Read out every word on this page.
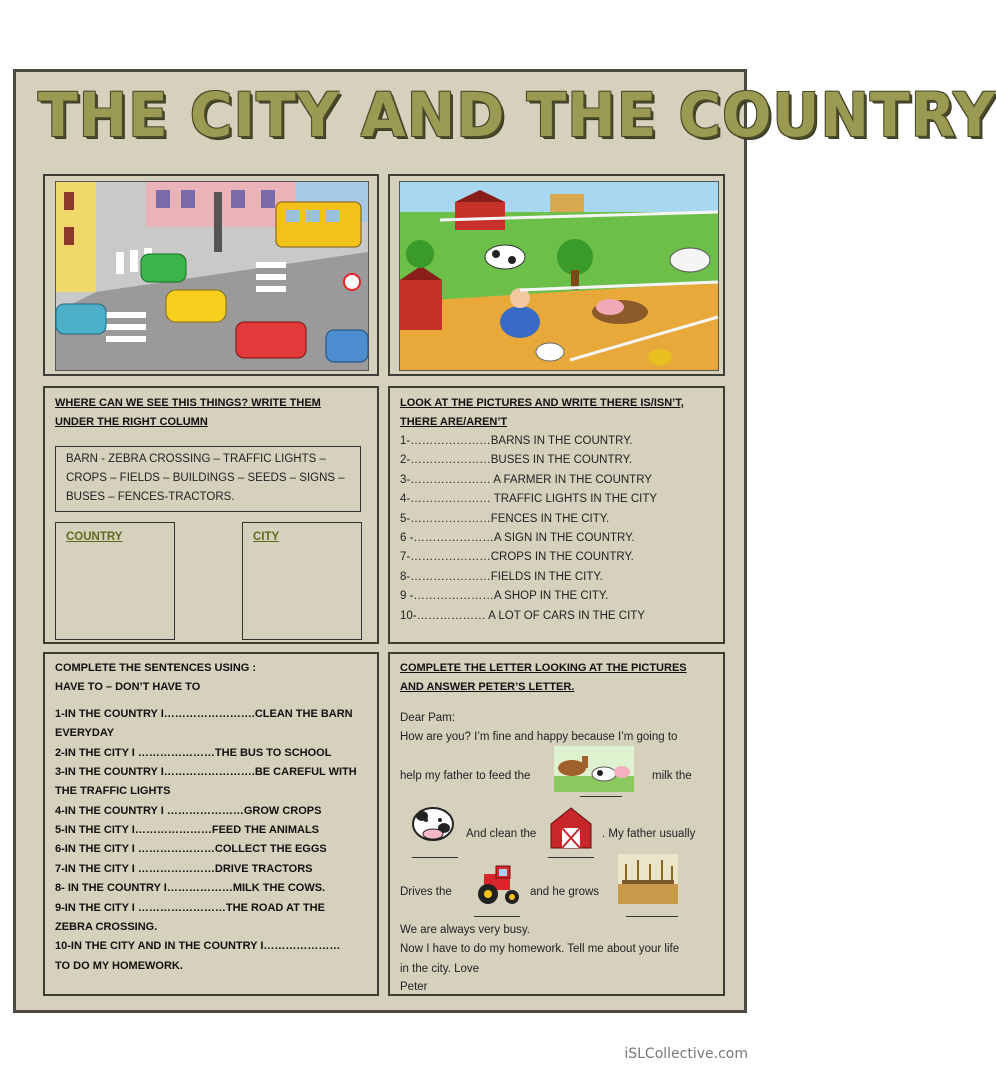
THE CITY AND THE COUNTRY
WHERE CAN WE SEE THIS THINGS? WRITE THEM
UNDER THE RIGHT COLUMN
BARN - ZEBRA CROSSING – TRAFFIC LIGHTS –
CROPS – FIELDS – BUILDINGS – SEEDS – SIGNS –
BUSES – FENCES-TRACTORS.
COUNTRY	CITY
LOOK AT THE PICTURES AND WRITE THERE IS/ISN’T,
THERE ARE/AREN’T
1-…………………BARNS IN THE COUNTRY.
2-…………………BUSES IN THE COUNTRY.
3-………………… A FARMER IN THE COUNTRY
4-………………… TRAFFIC LIGHTS IN THE CITY
5-…………………FENCES IN THE CITY.
6 -…………………A SIGN IN THE COUNTRY.
7-…………………CROPS IN THE COUNTRY.
8-…………………FIELDS IN THE CITY.
9 -…………………A SHOP IN THE CITY.
10-……………… A LOT OF CARS IN THE CITY
COMPLETE THE SENTENCES USING :
HAVE TO – DON’T HAVE TO
1-IN THE COUNTRY I…………………….CLEAN THE BARN
EVERYDAY
2-IN THE CITY I …………………THE BUS TO SCHOOL
3-IN THE COUNTRY I…………………….BE CAREFUL WITH
THE TRAFFIC LIGHTS
4-IN THE COUNTRY I …………………GROW CROPS
5-IN THE CITY I…………………FEED THE ANIMALS
6-IN THE CITY I …………………COLLECT THE EGGS
7-IN THE CITY I …………………DRIVE TRACTORS
8- IN THE COUNTRY I………………MILK THE COWS.
9-IN THE CITY I ……………………THE ROAD AT THE
ZEBRA CROSSING.
10-IN THE CITY AND IN THE COUNTRY I…………………
TO DO MY HOMEWORK.
COMPLETE THE LETTER LOOKING AT THE PICTURES
AND ANSWER PETER’S LETTER.
Dear Pam:
How are you? I’m fine and happy because I’m going to
help my father to feed the	milk the
And clean the	. My father usually
Drives the	and he grows
We are always very busy.
Now I have to do my homework. Tell me about your life
in the city. Love
Peter
iSLCollective.com
